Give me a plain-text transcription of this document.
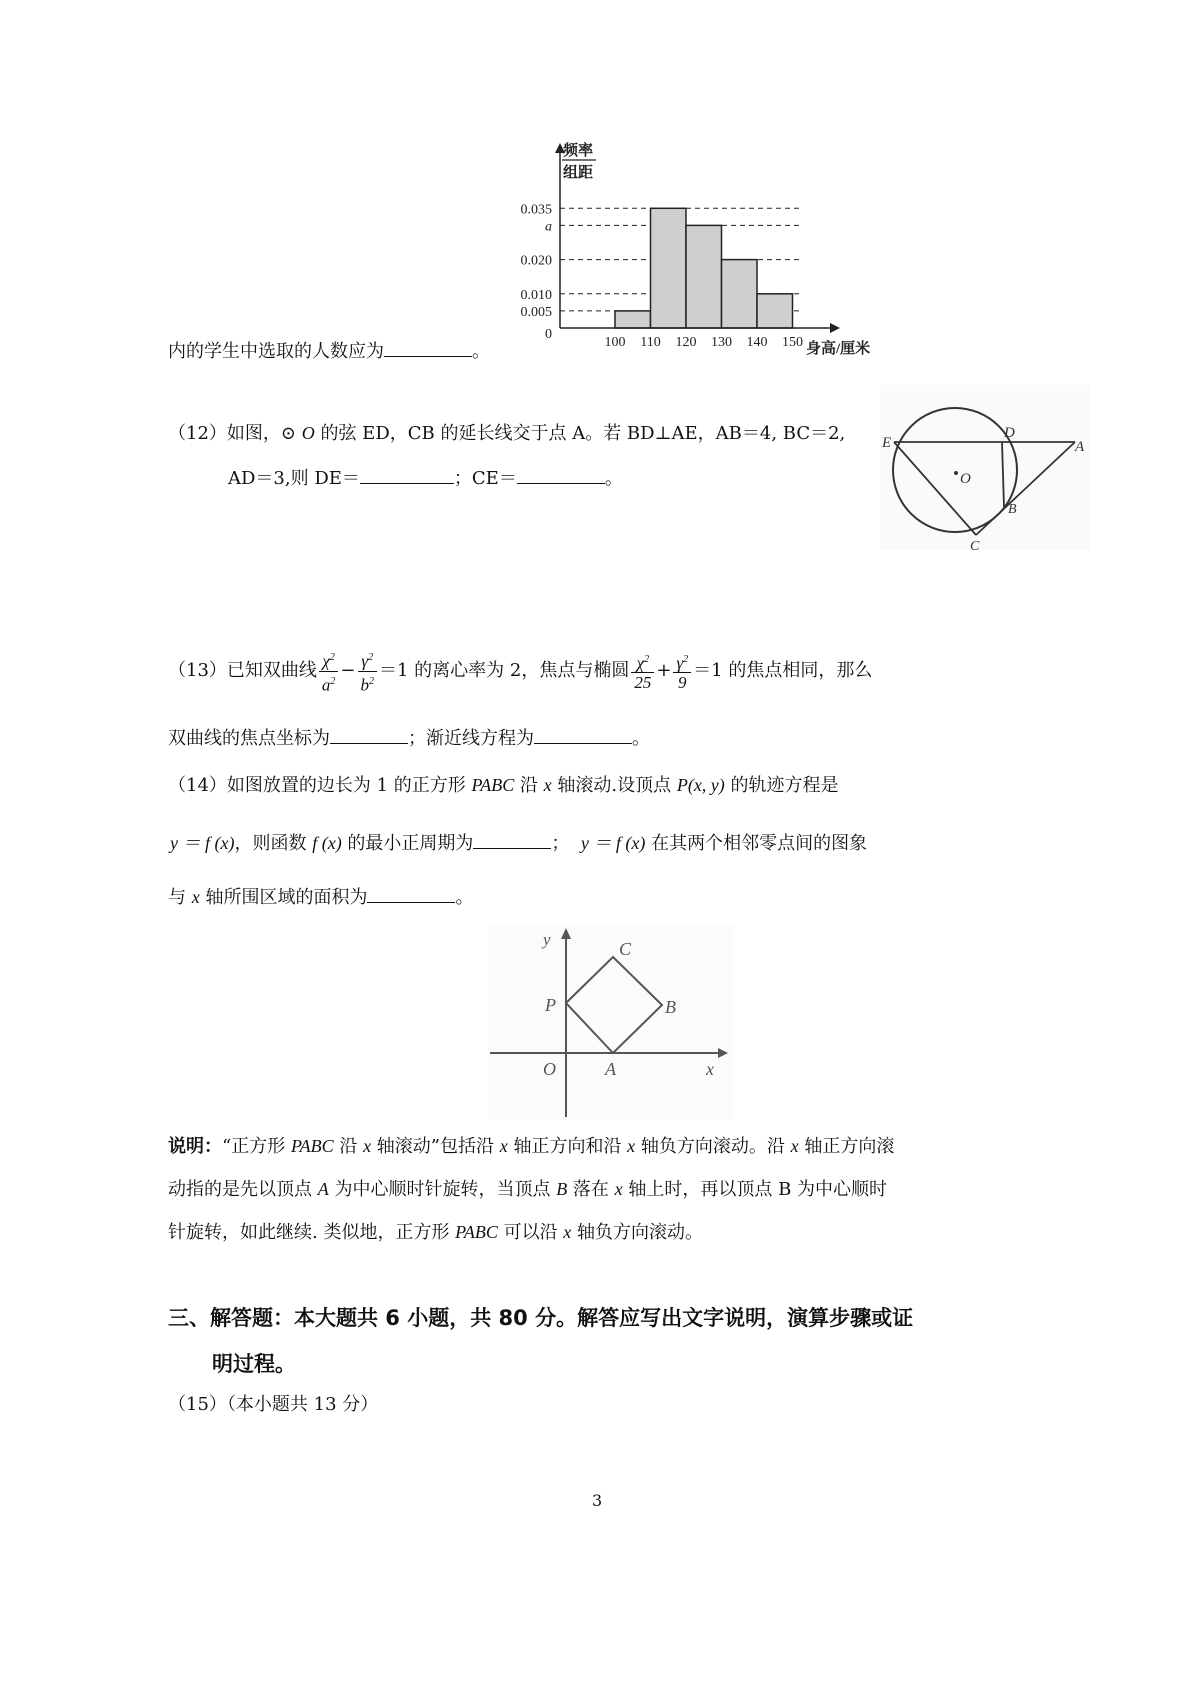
内的学生中选取的人数应为	。
0.035
a
0.020
0.010
0.005
0
100 110 120 130 140 150
频率
组距
身高/厘米
（12）如图，⊙ O 的弦 ED，CB 的延长线交于点 A。若 BD⊥AE，AB＝4, BC＝2,
AD＝3,则 DE＝	；CE＝	。
E
D
A
O
B
C
（13）已知双曲线 $\frac{\chi^2}{a^2} - \frac{\gamma^2}{b^2} =1$ 的离心率为 2，焦点与椭圆 $\frac{\chi^2}{25} + \frac{\gamma^2}{9} =1$ 的焦点相同，那么
双曲线的焦点坐标为	；渐近线方程为	。
（14）如图放置的边长为 1 的正方形 PABC 沿 x 轴滚动.设顶点 P(x, y) 的轨迹方程是
y ＝ f (x)，则函数 f (x) 的最小正周期为	； y ＝ f (x) 在其两个相邻零点间的图象
与 x 轴所围区域的面积为	。
y	C
P	B
O	A	x
说明：“正方形 PABC 沿 x 轴滚动”包括沿 x 轴正方向和沿 x 轴负方向滚动。沿 x 轴正方向滚
动指的是先以顶点 A 为中心顺时针旋转，当顶点 B 落在 x 轴上时，再以顶点 B 为中心顺时
针旋转，如此继续. 类似地，正方形 PABC 可以沿 x 轴负方向滚动。
三、解答题：本大题共 6 小题，共 80 分。解答应写出文字说明，演算步骤或证
明过程。
（15）（本小题共 13 分）
3
